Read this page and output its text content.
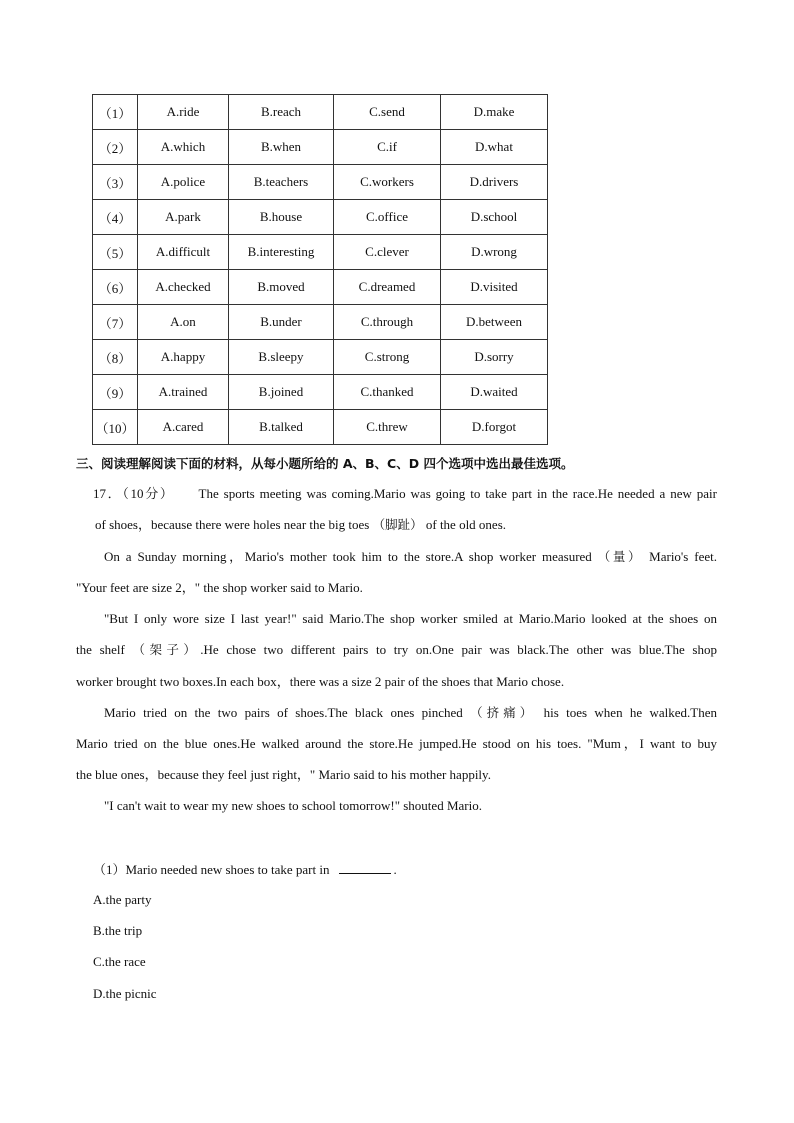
（1）	A.ride	B.reach	C.send	D.make
（2）	A.which	B.when	C.if	D.what
（3）	A.police	B.teachers	C.workers	D.drivers
（4）	A.park	B.house	C.office	D.school
（5）	A.difficult	B.interesting	C.clever	D.wrong
（6）	A.checked	B.moved	C.dreamed	D.visited
（7）	A.on	B.under	C.through	D.between
（8）	A.happy	B.sleepy	C.strong	D.sorry
（9）	A.trained	B.joined	C.thanked	D.waited
（10）	A.cared	B.talked	C.threw	D.forgot
三、阅读理解阅读下面的材料，从每小题所给的 A、B、C、D 四个选项中选出最佳选项。
17．（10分） The sports meeting was coming.Mario was going to take part in the race.He needed a new pair
of shoes，because there were holes near the big toes （脚趾） of the old ones.
On a Sunday morning，Mario's mother took him to the store.A shop worker measured （量） Mario's feet.
"Your feet are size 2，" the shop worker said to Mario.
"But I only wore size I last year!" said Mario.The shop worker smiled at Mario.Mario looked at the shoes on
the shelf （架子）.He chose two different pairs to try on.One pair was black.The other was blue.The shop
worker brought two boxes.In each box，there was a size 2 pair of the shoes that Mario chose.
Mario tried on the two pairs of shoes.The black ones pinched （挤痛） his toes when he walked.Then
Mario tried on the blue ones.He walked around the store.He jumped.He stood on his toes. "Mum，I want to buy
the blue ones，because they feel just right，" Mario said to his mother happily.
"I can't wait to wear my new shoes to school tomorrow!" shouted Mario.
（1）Mario needed new shoes to take part in	.
A.the party
B.the trip
C.the race
D.the picnic
